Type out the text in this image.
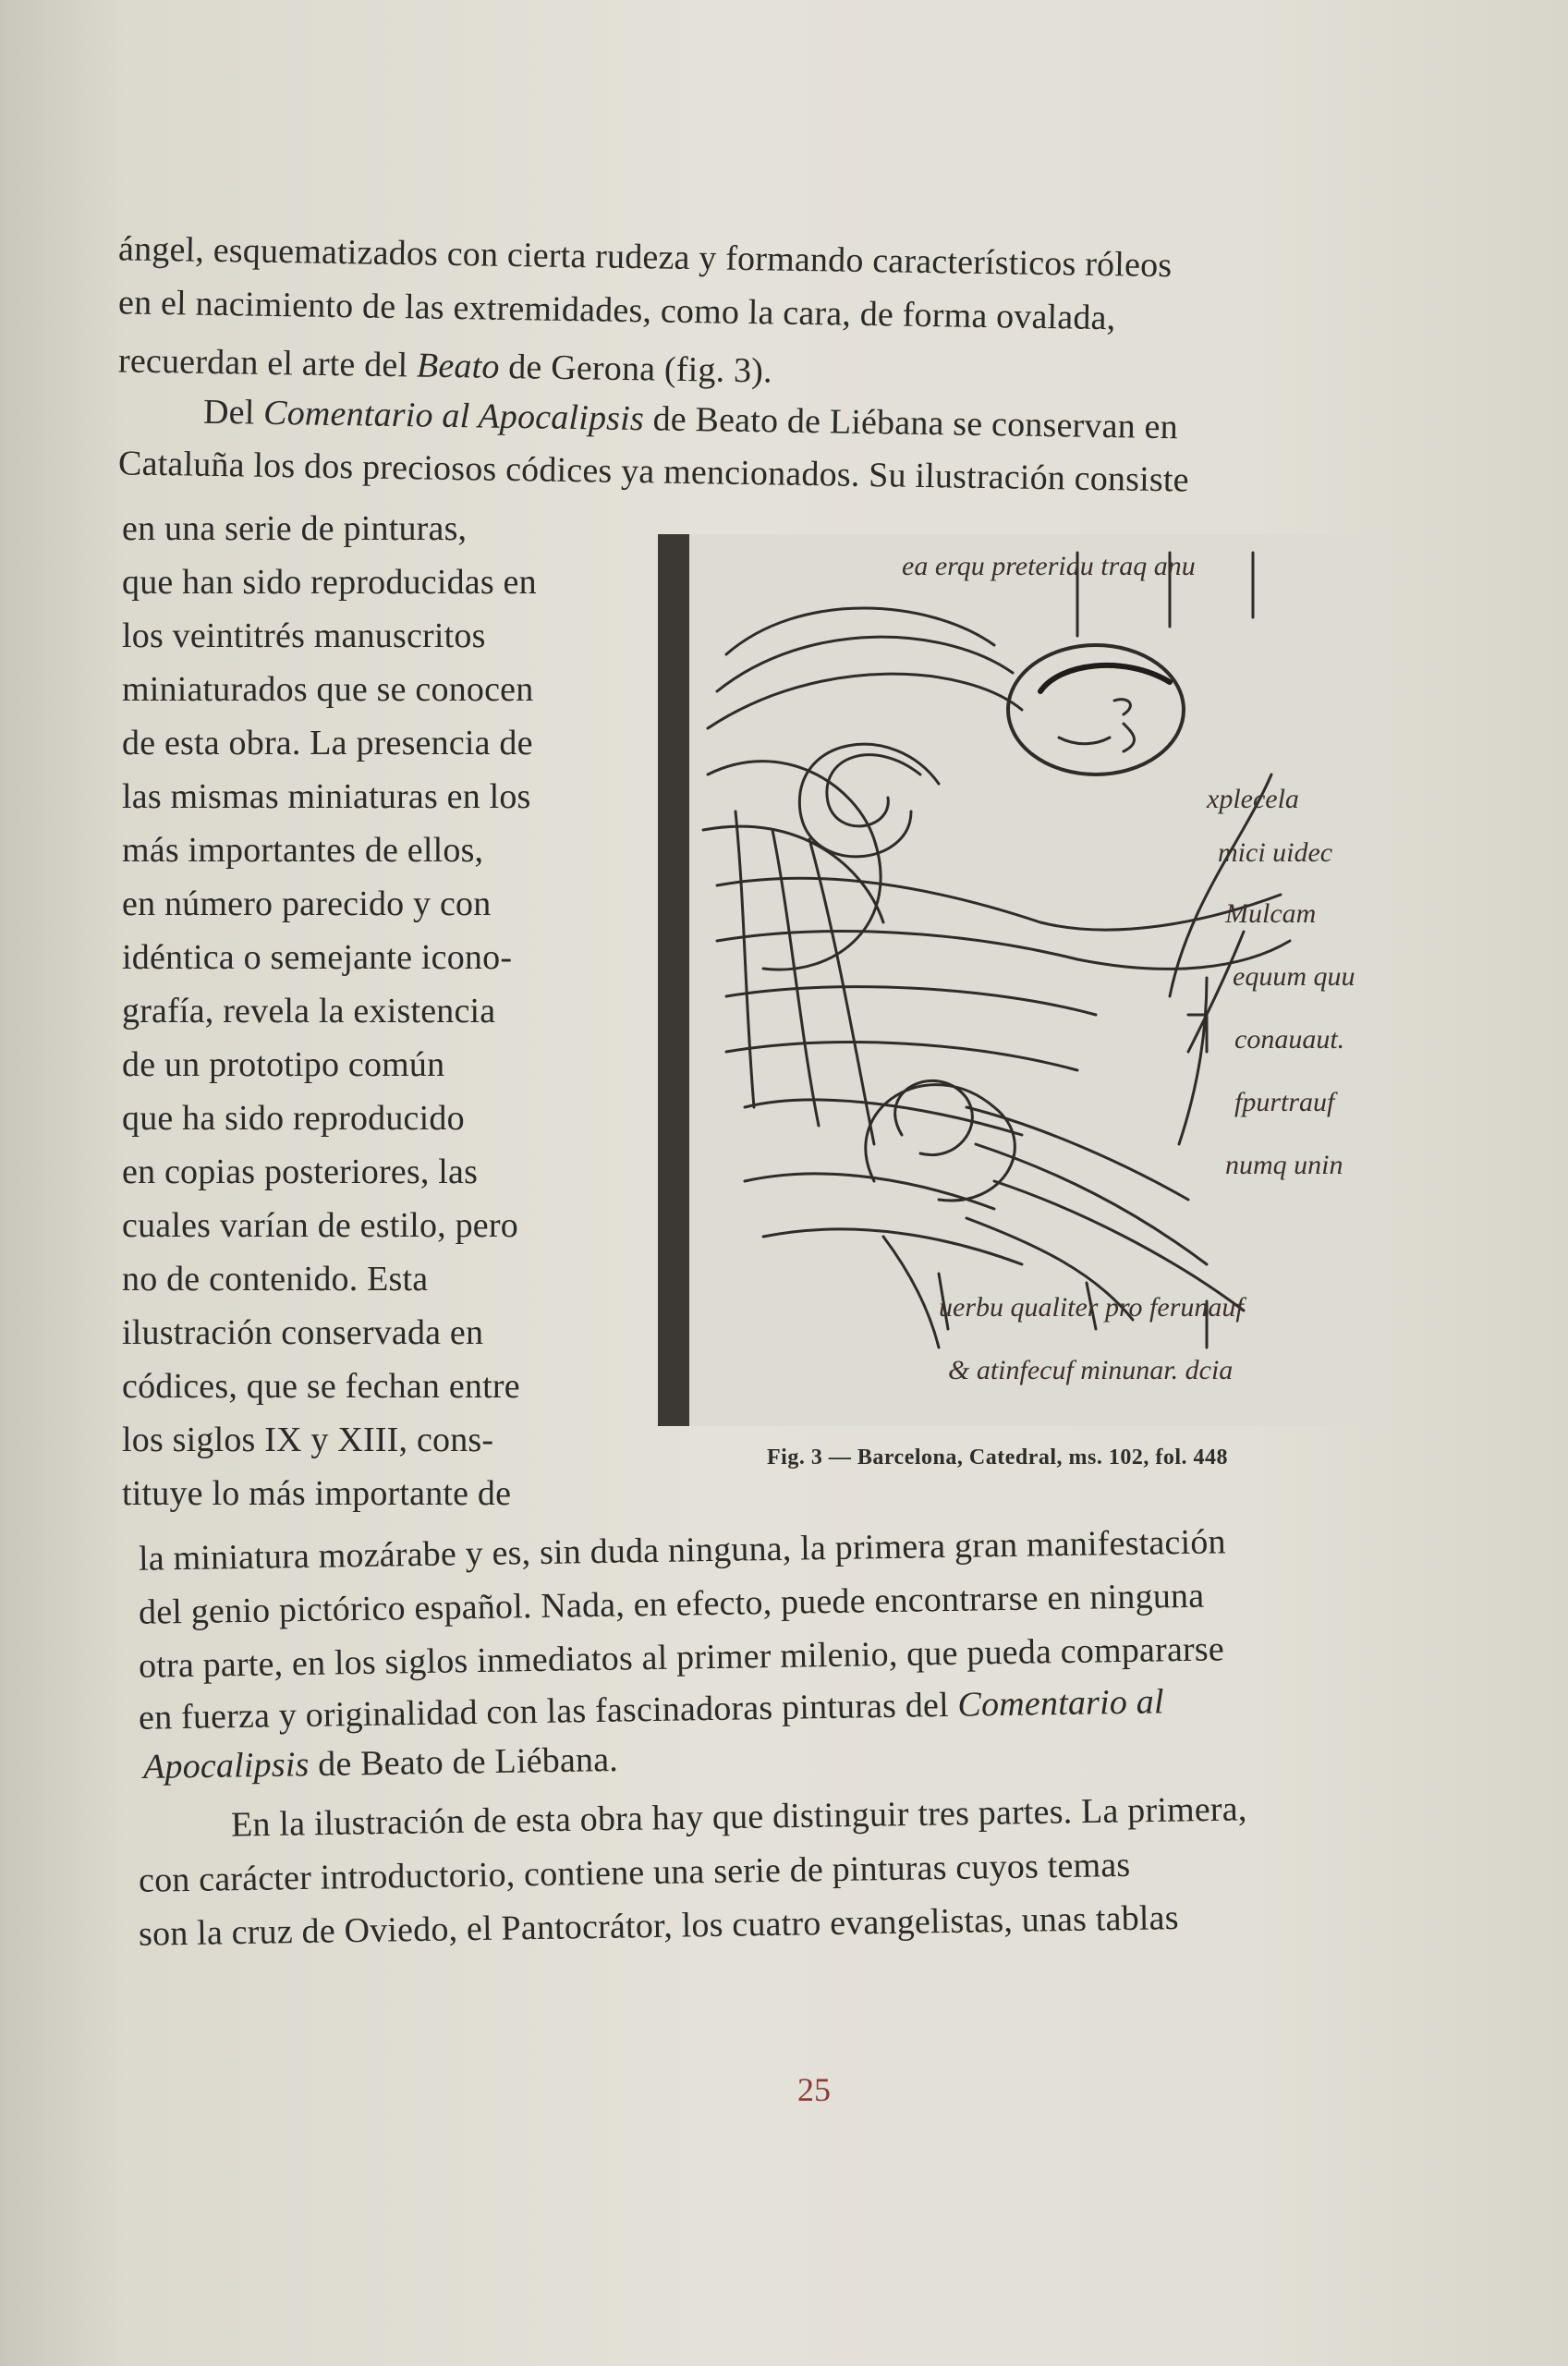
ángel, esquematizados con cierta rudeza y formando característicos róleos
en el nacimiento de las extremidades, como la cara, de forma ovalada,
recuerdan el arte del Beato de Gerona (fig. 3).
Del Comentario al Apocalipsis de Beato de Liébana se conservan en
Cataluña los dos preciosos códices ya mencionados. Su ilustración consiste
en una serie de pinturas,
que han sido reproducidas en
los veintitrés manuscritos
miniaturados que se conocen
de esta obra. La presencia de
las mismas miniaturas en los
más importantes de ellos,
en número parecido y con
idéntica o semejante icono-
grafía, revela la existencia
de un prototipo común
que ha sido reproducido
en copias posteriores, las
cuales varían de estilo, pero
no de contenido. Esta
ilustración conservada en
códices, que se fechan entre
los siglos IX y XIII, cons-
tituye lo más importante de
ea erqu preteriau traq anu
xplecela
mici uidec
Mulcam
equum quu
conauaut.
fpurtrauf
numq unin
uerbu qualiter pro ferunauf
& atinfecuf minunar. dcia
Fig. 3 — Barcelona, Catedral, ms. 102, fol. 448
la miniatura mozárabe y es, sin duda ninguna, la primera gran manifestación
del genio pictórico español. Nada, en efecto, puede encontrarse en ninguna
otra parte, en los siglos inmediatos al primer milenio, que pueda compararse
en fuerza y originalidad con las fascinadoras pinturas del Comentario al
Apocalipsis de Beato de Liébana.
En la ilustración de esta obra hay que distinguir tres partes. La primera,
con carácter introductorio, contiene una serie de pinturas cuyos temas
son la cruz de Oviedo, el Pantocrátor, los cuatro evangelistas, unas tablas
25
